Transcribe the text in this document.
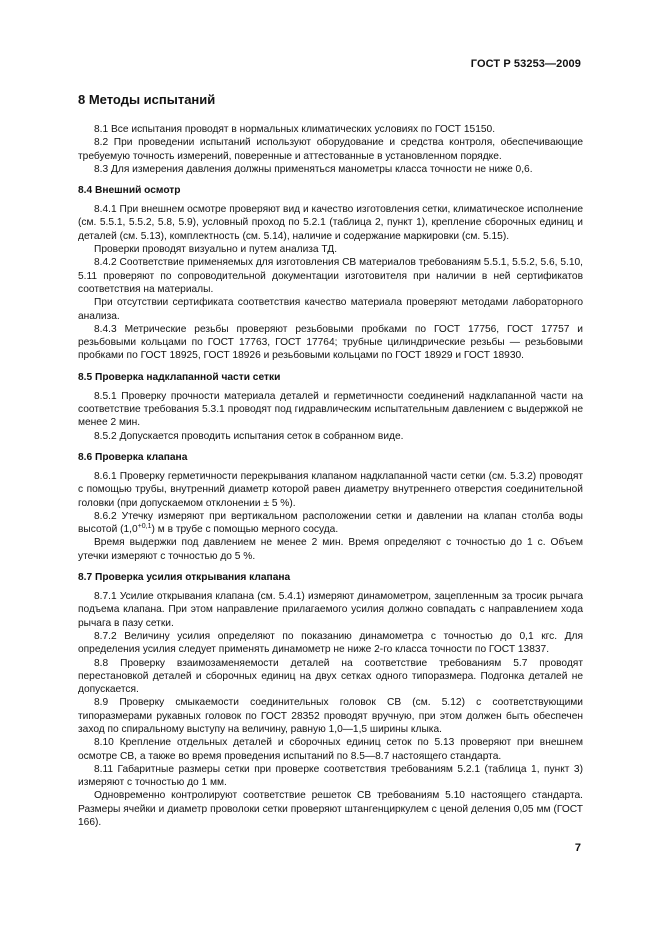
ГОСТ Р 53253—2009
8 Методы испытаний

8.1 Все испытания проводят в нормальных климатических условиях по ГОСТ 15150.

8.2 При проведении испытаний используют оборудование и средства контроля, обеспечивающие требуемую точность измерений, поверенные и аттестованные в установленном порядке.

8.3 Для измерения давления должны применяться манометры класса точности не ниже 0,6.

8.4 Внешний осмотр

8.4.1 При внешнем осмотре проверяют вид и качество изготовления сетки, климатическое исполнение (см. 5.5.1, 5.5.2, 5.8, 5.9), условный проход по 5.2.1 (таблица 2, пункт 1), крепление сборочных единиц и деталей (см. 5.13), комплектность (см. 5.14), наличие и содержание маркировки (см. 5.15).

Проверки проводят визуально и путем анализа ТД.

8.4.2 Соответствие применяемых для изготовления СВ материалов требованиям 5.5.1, 5.5.2, 5.6, 5.10, 5.11 проверяют по сопроводительной документации изготовителя при наличии в ней сертификатов соответствия на материалы.

При отсутствии сертификата соответствия качество материала проверяют методами лабораторного анализа.

8.4.3 Метрические резьбы проверяют резьбовыми пробками по ГОСТ 17756, ГОСТ 17757 и резьбовыми кольцами по ГОСТ 17763, ГОСТ 17764; трубные цилиндрические резьбы — резьбовыми пробками по ГОСТ 18925, ГОСТ 18926 и резьбовыми кольцами по ГОСТ 18929 и ГОСТ 18930.

8.5 Проверка надклапанной части сетки

8.5.1 Проверку прочности материала деталей и герметичности соединений надклапанной части на соответствие требования 5.3.1 проводят под гидравлическим испытательным давлением с выдержкой не менее 2 мин.

8.5.2 Допускается проводить испытания сеток в собранном виде.

8.6 Проверка клапана

8.6.1 Проверку герметичности перекрывания клапаном надклапанной части сетки (см. 5.3.2) проводят с помощью трубы, внутренний диаметр которой равен диаметру внутреннего отверстия соединительной головки (при допускаемом отклонении ± 5 %).

8.6.2 Утечку измеряют при вертикальном расположении сетки и давлении на клапан столба воды высотой $(1,0^{+0,1})$ м в трубе с помощью мерного сосуда.

Время выдержки под давлением не менее 2 мин. Время определяют с точностью до 1 с. Объем утечки измеряют с точностью до 5 %.

8.7 Проверка усилия открывания клапана

8.7.1 Усилие открывания клапана (см. 5.4.1) измеряют динамометром, зацепленным за тросик рычага подъема клапана. При этом направление прилагаемого усилия должно совпадать с направлением хода рычага в пазу сетки.

8.7.2 Величину усилия определяют по показанию динамометра с точностью до 0,1 кгс. Для определения усилия следует применять динамометр не ниже 2-го класса точности по ГОСТ 13837.

8.8 Проверку взаимозаменяемости деталей на соответствие требованиям 5.7 проводят перестановкой деталей и сборочных единиц на двух сетках одного типоразмера. Подгонка деталей не допускается.

8.9 Проверку смыкаемости соединительных головок СВ (см. 5.12) с соответствующими типоразмерами рукавных головок по ГОСТ 28352 проводят вручную, при этом должен быть обеспечен заход по спиральному выступу на величину, равную 1,0—1,5 ширины клыка.

8.10 Крепление отдельных деталей и сборочных единиц сеток по 5.13 проверяют при внешнем осмотре СВ, а также во время проведения испытаний по 8.5—8.7 настоящего стандарта.

8.11 Габаритные размеры сетки при проверке соответствия требованиям 5.2.1 (таблица 1, пункт 3) измеряют с точностью до 1 мм.

Одновременно контролируют соответствие решеток СВ требованиям 5.10 настоящего стандарта. Размеры ячейки и диаметр проволоки сетки проверяют штангенциркулем с ценой деления 0,05 мм (ГОСТ 166).

7
